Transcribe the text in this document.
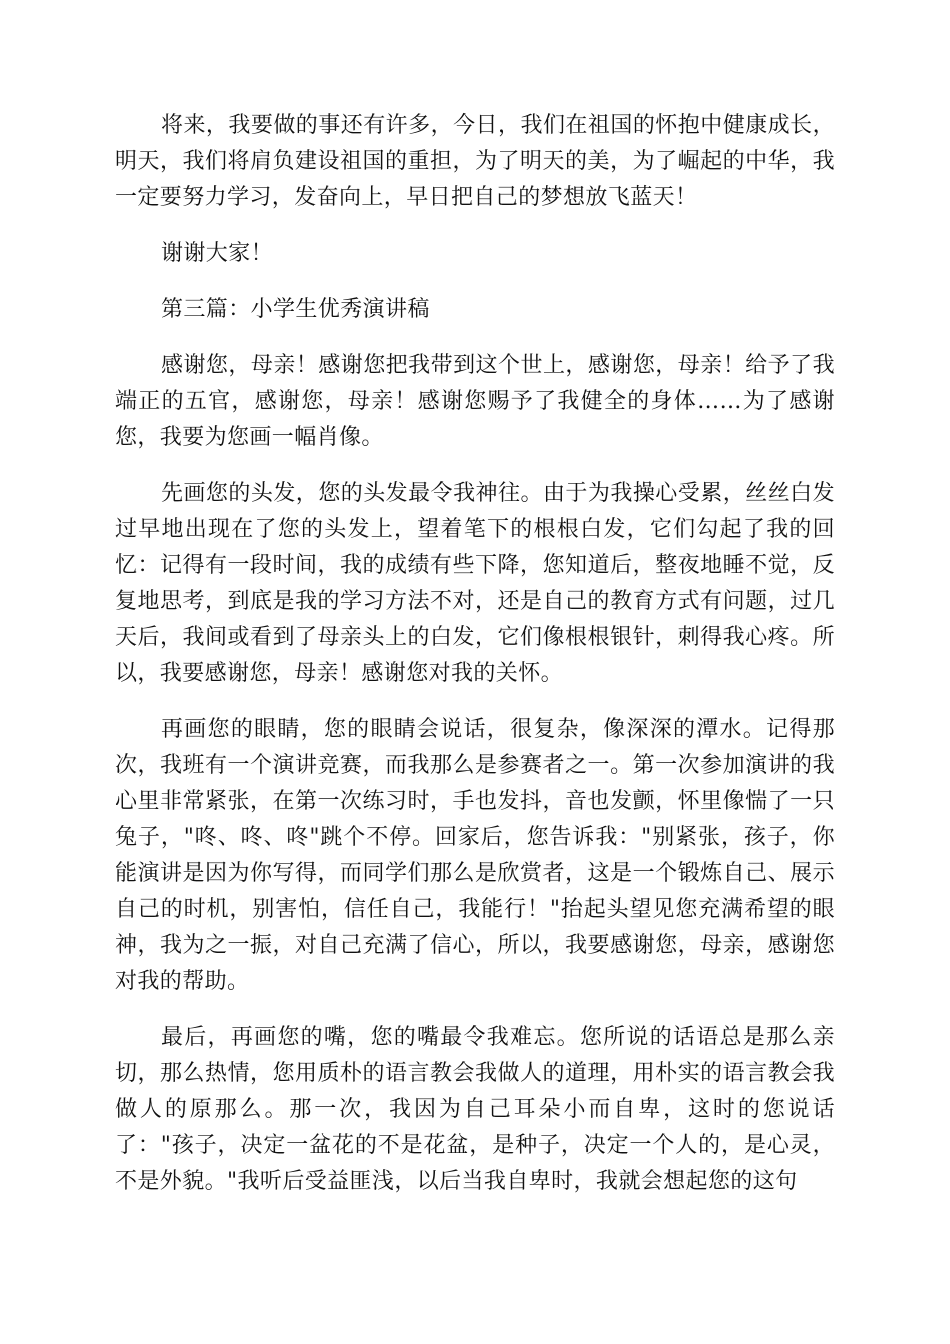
将来，我要做的事还有许多，今日，我们在祖国的怀抱中健康成长，明天，我们将肩负建设祖国的重担，为了明天的美，为了崛起的中华，我一定要努力学习，发奋向上，早日把自己的梦想放飞蓝天！

谢谢大家！

第三篇：小学生优秀演讲稿

感谢您，母亲！感谢您把我带到这个世上，感谢您，母亲！给予了我端正的五官，感谢您，母亲！感谢您赐予了我健全的身体……为了感谢您，我要为您画一幅肖像。

先画您的头发，您的头发最令我神往。由于为我操心受累，丝丝白发过早地出现在了您的头发上，望着笔下的根根白发，它们勾起了我的回忆：记得有一段时间，我的成绩有些下降，您知道后，整夜地睡不觉，反复地思考，到底是我的学习方法不对，还是自己的教育方式有问题，过几天后，我间或看到了母亲头上的白发，它们像根根银针，刺得我心疼。所以，我要感谢您，母亲！感谢您对我的关怀。

再画您的眼睛，您的眼睛会说话，很复杂，像深深的潭水。记得那次，我班有一个演讲竞赛，而我那么是参赛者之一。第一次参加演讲的我心里非常紧张，在第一次练习时，手也发抖，音也发颤，怀里像惴了一只兔子，"咚、咚、咚"跳个不停。回家后，您告诉我："别紧张，孩子，你能演讲是因为你写得，而同学们那么是欣赏者，这是一个锻炼自己、展示自己的时机，别害怕，信任自己，我能行！"抬起头望见您充满希望的眼神，我为之一振，对自己充满了信心，所以，我要感谢您，母亲，感谢您对我的帮助。

最后，再画您的嘴，您的嘴最令我难忘。您所说的话语总是那么亲切，那么热情，您用质朴的语言教会我做人的道理，用朴实的语言教会我做人的原那么。那一次，我因为自己耳朵小而自卑，这时的您说话了："孩子，决定一盆花的不是花盆，是种子，决定一个人的，是心灵，不是外貌。"我听后受益匪浅，以后当我自卑时，我就会想起您的这句
